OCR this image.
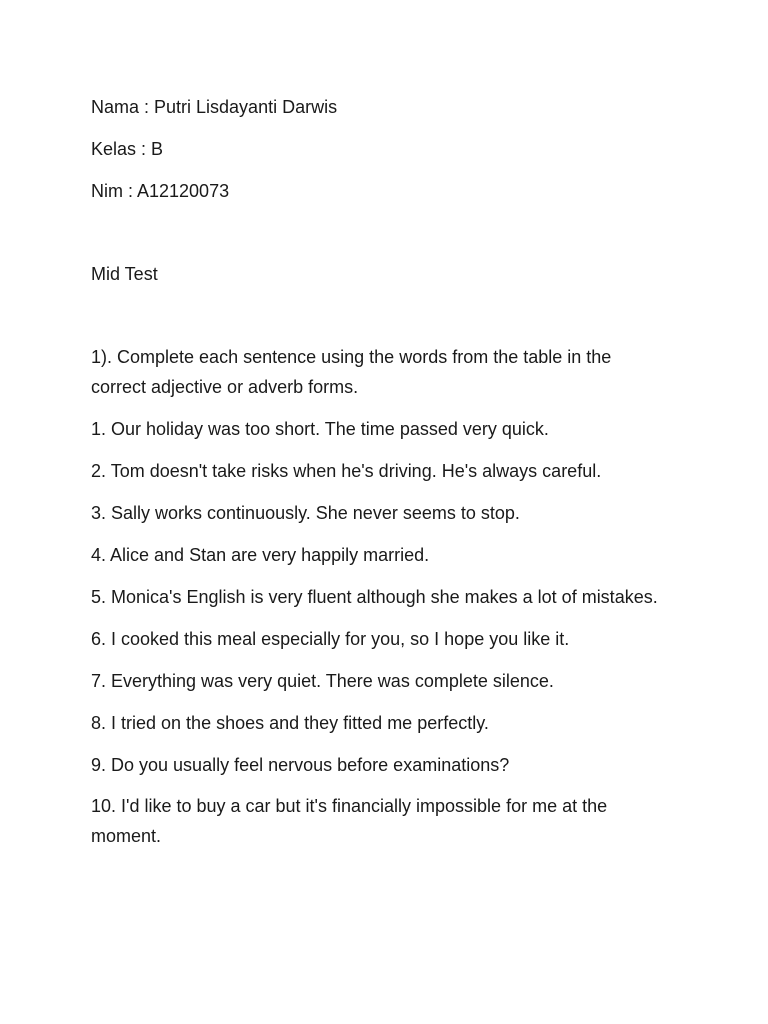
Nama : Putri Lisdayanti Darwis
Kelas : B
Nim : A12120073
Mid Test

1). Complete each sentence using the words from the table in the

correct adjective or adverb forms.

1. Our holiday was too short. The time passed very quick.
2. Tom doesn't take risks when he's driving. He's always careful.
3. Sally works continuously. She never seems to stop.
4. Alice and Stan are very happily married.
5. Monica's English is very fluent although she makes a lot of mistakes.
6. I cooked this meal especially for you, so I hope you like it.
7. Everything was very quiet. There was complete silence.
8. I tried on the shoes and they fitted me perfectly.
9. Do you usually feel nervous before examinations?

10. I'd like to buy a car but it's financially impossible for me at the

moment.
